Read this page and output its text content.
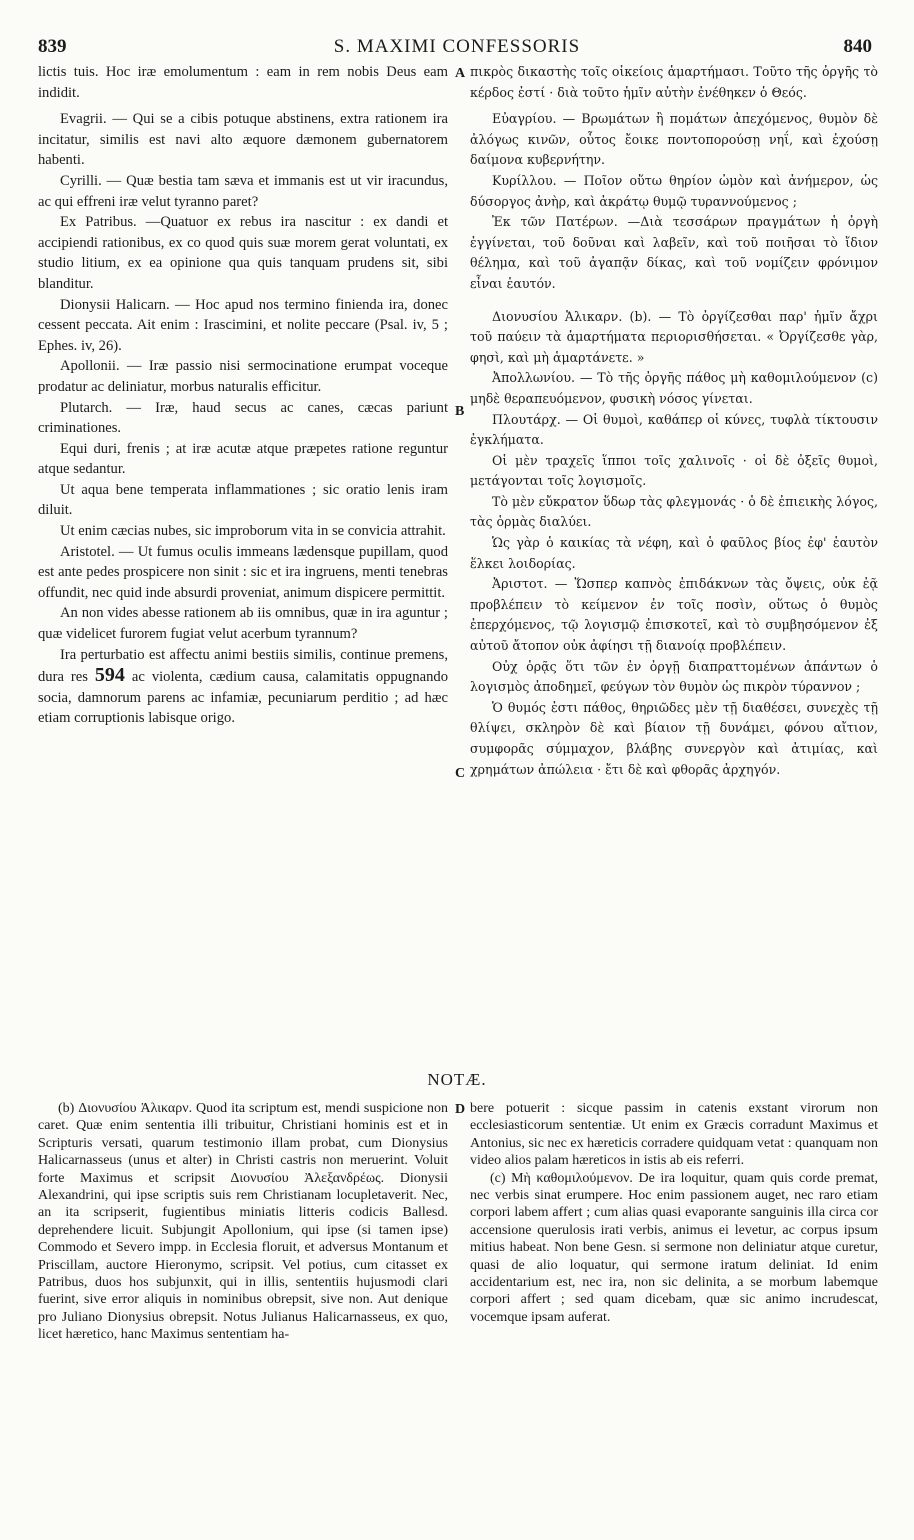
839	S. MAXIMI CONFESSORIS	840
A
B
C
D

lictis tuis. Hoc iræ emolumentum : eam in rem nobis Deus eam indidit.

Evagrii. — Qui se a cibis potuque abstinens, extra rationem ira incitatur, similis est navi alto æquore dæmonem gubernatorem habenti.

Cyrilli. — Quæ bestia tam sæva et immanis est ut vir iracundus, ac qui effreni iræ velut tyranno paret?

Ex Patribus. —Quatuor ex rebus ira nascitur : ex dandi et accipiendi rationibus, ex co quod quis suæ morem gerat voluntati, ex studio litium, ex ea opinione qua quis tanquam prudens sit, sibi blanditur.

Dionysii Halicarn. — Hoc apud nos termino finienda ira, donec cessent peccata. Ait enim : Irascimini, et nolite peccare (Psal. iv, 5 ; Ephes. iv, 26).

Apollonii. — Iræ passio nisi sermocinatione erumpat voceque prodatur ac deliniatur, morbus naturalis efficitur.

Plutarch. — Iræ, haud secus ac canes, cæcas pariunt criminationes.

Equi duri, frenis ; at iræ acutæ atque præpetes ratione reguntur atque sedantur.

Ut aqua bene temperata inflammationes ; sic oratio lenis iram diluit.

Ut enim cæcias nubes, sic improborum vita in se convicia attrahit.

Aristotel. — Ut fumus oculis immeans lædensque pupillam, quod est ante pedes prospicere non sinit : sic et ira ingruens, menti tenebras offundit, nec quid inde absurdi proveniat, animum dispicere permittit.

An non vides abesse rationem ab iis omnibus, quæ in ira aguntur ; quæ videlicet furorem fugiat velut acerbum tyrannum?

Ira perturbatio est affectu animi bestiis similis, continue premens, dura res 594 ac violenta, cædium causa, calamitatis oppugnando socia, damnorum parens ac infamiæ, pecuniarum perditio ; ad hæc etiam corruptionis labisque origo.

πικρὸς δικαστὴς τοῖς οἰκείοις ἁμαρτήμασι. Τοῦτο τῆς ὀργῆς τὸ κέρδος ἐστί · διὰ τοῦτο ἡμῖν αὐτὴν ἐνέθηκεν ὁ Θεός.

Εὐαγρίου. — Βρωμάτων ἢ πομάτων ἀπεχόμενος, θυμὸν δὲ ἀλόγως κινῶν, οὗτος ἔοικε ποντοπορούσῃ νηΐ, καὶ ἐχούσῃ δαίμονα κυβερνήτην.

Κυρίλλου. — Ποῖον οὕτω θηρίον ὠμὸν καὶ ἀνήμερον, ὡς δύσοργος ἀνὴρ, καὶ ἀκράτῳ θυμῷ τυραννούμενος ;

Ἐκ τῶν Πατέρων. —Διὰ τεσσάρων πραγμάτων ἡ ὀργὴ ἐγγίνεται, τοῦ δοῦναι καὶ λαβεῖν, καὶ τοῦ ποιῆσαι τὸ ἴδιον θέλημα, καὶ τοῦ ἀγαπᾷν δίκας, καὶ τοῦ νομίζειν φρόνιμον εἶναι ἑαυτόν.

Διονυσίου Ἁλικαρν. (b). — Τὸ ὀργίζεσθαι παρ' ἡμῖν ἄχρι τοῦ παύειν τὰ ἁμαρτήματα περιορισθήσεται. « Ὀργίζεσθε γὰρ, φησὶ, καὶ μὴ ἁμαρτάνετε. »

Ἀπολλωνίου. — Τὸ τῆς ὀργῆς πάθος μὴ καθομιλούμενον (c) μηδὲ θεραπευόμενον, φυσικὴ νόσος γίνεται.

Πλουτάρχ. — Οἱ θυμοὶ, καθάπερ οἱ κύνες, τυφλὰ τίκτουσιν ἐγκλήματα.

Οἱ μὲν τραχεῖς ἵπποι τοῖς χαλινοῖς · οἱ δὲ ὀξεῖς θυμοὶ, μετάγονται τοῖς λογισμοῖς.

Τὸ μὲν εὔκρατον ὕδωρ τὰς φλεγμονάς · ὁ δὲ ἐπιεικὴς λόγος, τὰς ὁρμὰς διαλύει.

Ὡς γὰρ ὁ καικίας τὰ νέφη, καὶ ὁ φαῦλος βίος ἐφ' ἑαυτὸν ἕλκει λοιδορίας.

Ἀριστοτ. — Ὥσπερ καπνὸς ἐπιδάκνων τὰς ὄψεις, οὐκ ἐᾷ προβλέπειν τὸ κείμενον ἐν τοῖς ποσὶν, οὕτως ὁ θυμὸς ἐπερχόμενος, τῷ λογισμῷ ἐπισκοτεῖ, καὶ τὸ συμβησόμενον ἐξ αὐτοῦ ἄτοπον οὐκ ἀφίησι τῇ διανοίᾳ προβλέπειν.

Οὐχ ὁρᾷς ὅτι τῶν ἐν ὀργῇ διαπραττομένων ἁπάντων ὁ λογισμὸς ἀποδημεῖ, φεύγων τὸν θυμὸν ὡς πικρὸν τύραννον ;

Ὁ θυμός ἐστι πάθος, θηριῶδες μὲν τῇ διαθέσει, συνεχὲς τῇ θλίψει, σκληρὸν δὲ καὶ βίαιον τῇ δυνάμει, φόνου αἴτιον, συμφορᾶς σύμμαχον, βλάβης συνεργὸν καὶ ἀτιμίας, καὶ χρημάτων ἀπώλεια · ἔτι δὲ καὶ φθορᾶς ἀρχηγόν.

NOTÆ.

(b) Διονυσίου Ἁλικαρν. Quod ita scriptum est, mendi suspicione non caret. Quæ enim sententia illi tribuitur, Christiani hominis est et in Scripturis versati, quarum testimonio illam probat, cum Dionysius Halicarnasseus (unus et alter) in Christi castris non meruerint. Voluit forte Maximus et scripsit Διονυσίου Ἀλεξανδρέως. Dionysii Alexandrini, qui ipse scriptis suis rem Christianam locupletaverit. Nec, an ita scripserit, fugientibus miniatis litteris codicis Ballesd. deprehendere licuit. Subjungit Apollonium, qui ipse (si tamen ipse) Commodo et Severo impp. in Ecclesia floruit, et adversus Montanum et Priscillam, auctore Hieronymo, scripsit. Vel potius, cum citasset ex Patribus, duos hos subjunxit, qui in illis, sententiis hujusmodi clari fuerint, sive error aliquis in nominibus obrepsit, sive non. Aut denique pro Juliano Dionysius obrepsit. Notus Julianus Halicarnasseus, ex quo, licet hæretico, hanc Maximus sententiam ha-

bere potuerit : sicque passim in catenis exstant virorum non ecclesiasticorum sententiæ. Ut enim ex Græcis corradunt Maximus et Antonius, sic nec ex hæreticis corradere quidquam vetat : quanquam non video alios palam hæreticos in istis ab eis referri.

(c) Μὴ καθομιλούμενον. De ira loquitur, quam quis corde premat, nec verbis sinat erumpere. Hoc enim passionem auget, nec raro etiam corpori labem affert ; cum alias quasi evaporante sanguinis illa circa cor accensione querulosis irati verbis, animus ei levetur, ac corpus ipsum mitius habeat. Non bene Gesn. si sermone non deliniatur atque curetur, quasi de alio loquatur, qui sermone iratum deliniat. Id enim accidentarium est, nec ira, non sic delinita, a se morbum labemque corpori affert ; sed quam dicebam, quæ sic animo incrudescat, vocemque ipsam auferat.
